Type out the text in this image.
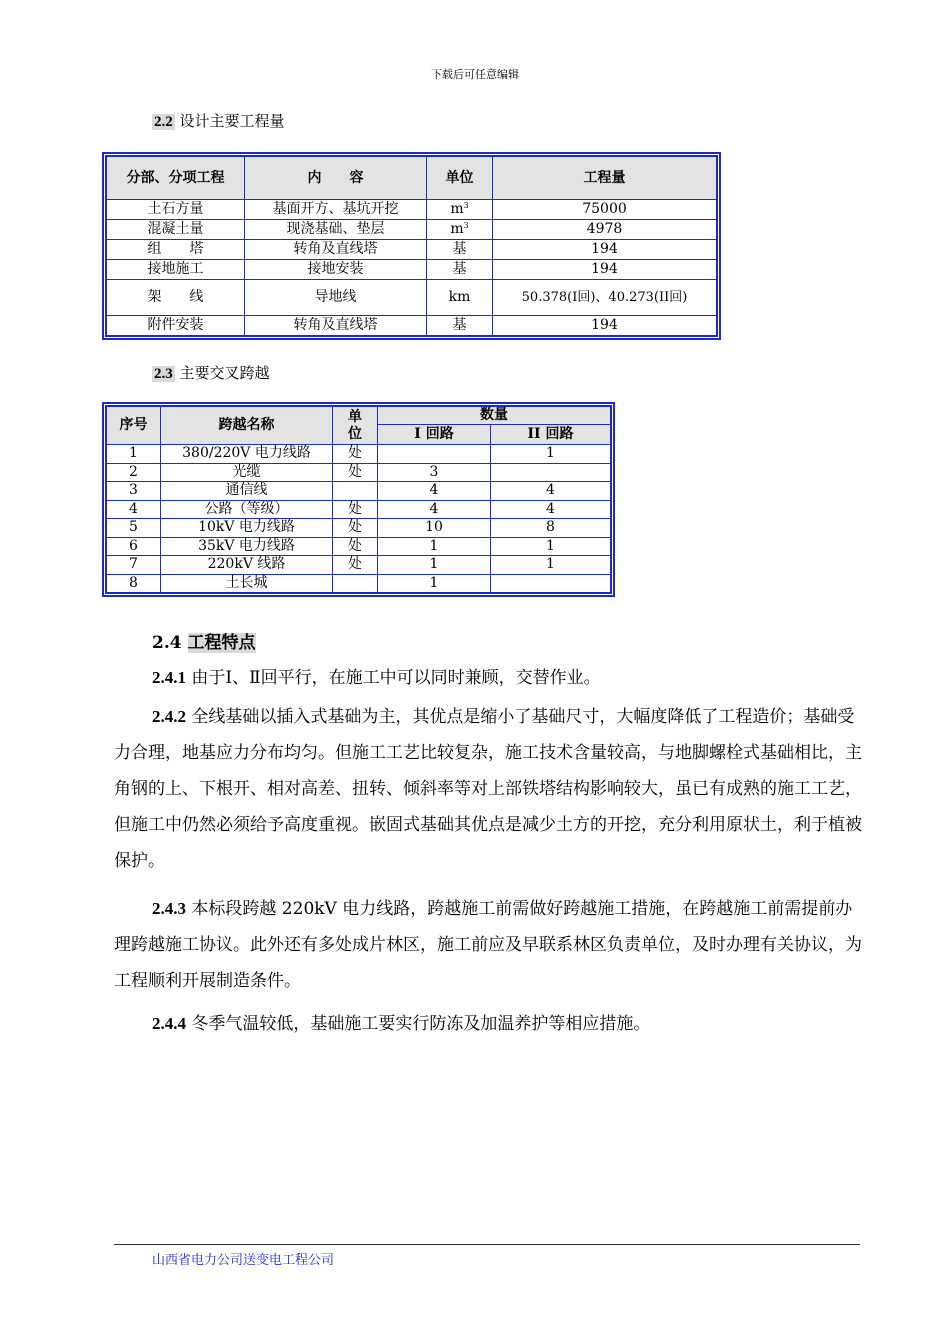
下载后可任意编辑
2.2 设计主要工程量
分部、分项工程	内　　容	单位	工程量
土石方量	基面开方、基坑开挖	$m^3$	75000
混凝土量	现浇基础、垫层	$m^3$	4978
组　　塔	转角及直线塔	基	194
接地施工	接地安装	基	194
架　　线	导地线	km	50.378(I回)、40.273(II回)
附件安装	转角及直线塔	基	194
2.3 主要交叉跨越
序号	跨越名称	单位	数量	
			I 回路	II 回路
1	380/220V 电力线路	处		1
2	光缆	处	3	
3	通信线		4	4
4	公路（等级）	处	4	4
5	10kV 电力线路	处	10	8
6	35kV 电力线路	处	1	1
7	220kV 线路	处	1	1
8	土长城		1	
2.4 工程特点
2.4.1 由于Ⅰ、Ⅱ回平行，在施工中可以同时兼顾，交替作业。
2.4.2 全线基础以插入式基础为主，其优点是缩小了基础尺寸，大幅度降低了工程造价；基础受力合理，地基应力分布均匀。但施工工艺比较复杂，施工技术含量较高，与地脚螺栓式基础相比，主角钢的上、下根开、相对高差、扭转、倾斜率等对上部铁塔结构影响较大，虽已有成熟的施工工艺，但施工中仍然必须给予高度重视。嵌固式基础其优点是减少土方的开挖，充分利用原状土，利于植被保护。
2.4.3 本标段跨越 220kV 电力线路，跨越施工前需做好跨越施工措施，在跨越施工前需提前办理跨越施工协议。此外还有多处成片林区，施工前应及早联系林区负责单位，及时办理有关协议，为工程顺利开展制造条件。
2.4.4 冬季气温较低，基础施工要实行防冻及加温养护等相应措施。
山西省电力公司送变电工程公司
